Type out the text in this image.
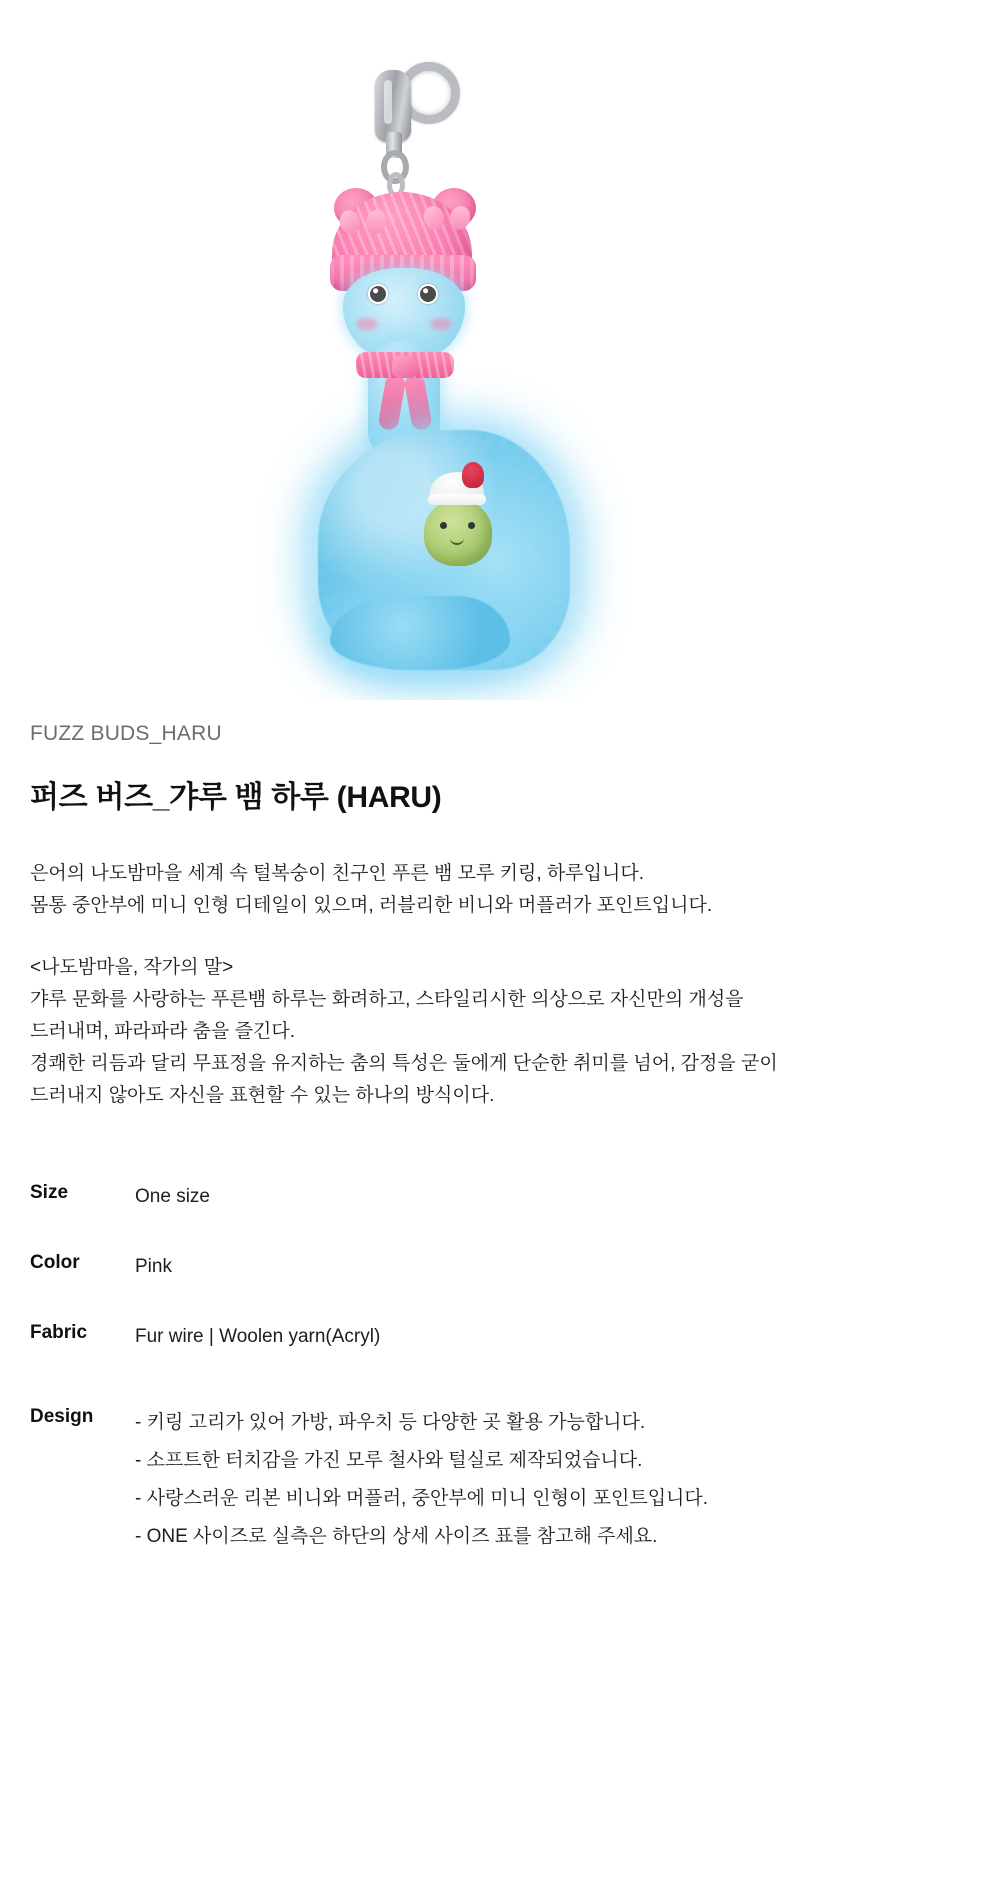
FUZZ BUDS_HARU
퍼즈 버즈_갸루 뱀 하루 (HARU)

은어의 나도밤마을 세계 속 털복숭이 친구인 푸른 뱀 모루 키링, 하루입니다.

몸통 중안부에 미니 인형 디테일이 있으며, 러블리한 비니와 머플러가 포인트입니다.

<나도밤마을, 작가의 말>

갸루 문화를 사랑하는 푸른뱀 하루는 화려하고, 스타일리시한 의상으로 자신만의 개성을

드러내며, 파라파라 춤을 즐긴다.

경쾌한 리듬과 달리 무표정을 유지하는 춤의 특성은 둘에게 단순한 취미를 넘어, 감정을 굳이

드러내지 않아도 자신을 표현할 수 있는 하나의 방식이다.

Size	One size
Color	Pink
Fabric	Fur wire | Woolen yarn(Acryl)
Design	- 키링 고리가 있어 가방, 파우치 등 다양한 곳 활용 가능합니다.
- 소프트한 터치감을 가진 모루 철사와 털실로 제작되었습니다.
- 사랑스러운 리본 비니와 머플러, 중안부에 미니 인형이 포인트입니다.
- ONE 사이즈로 실측은 하단의 상세 사이즈 표를 참고해 주세요.
